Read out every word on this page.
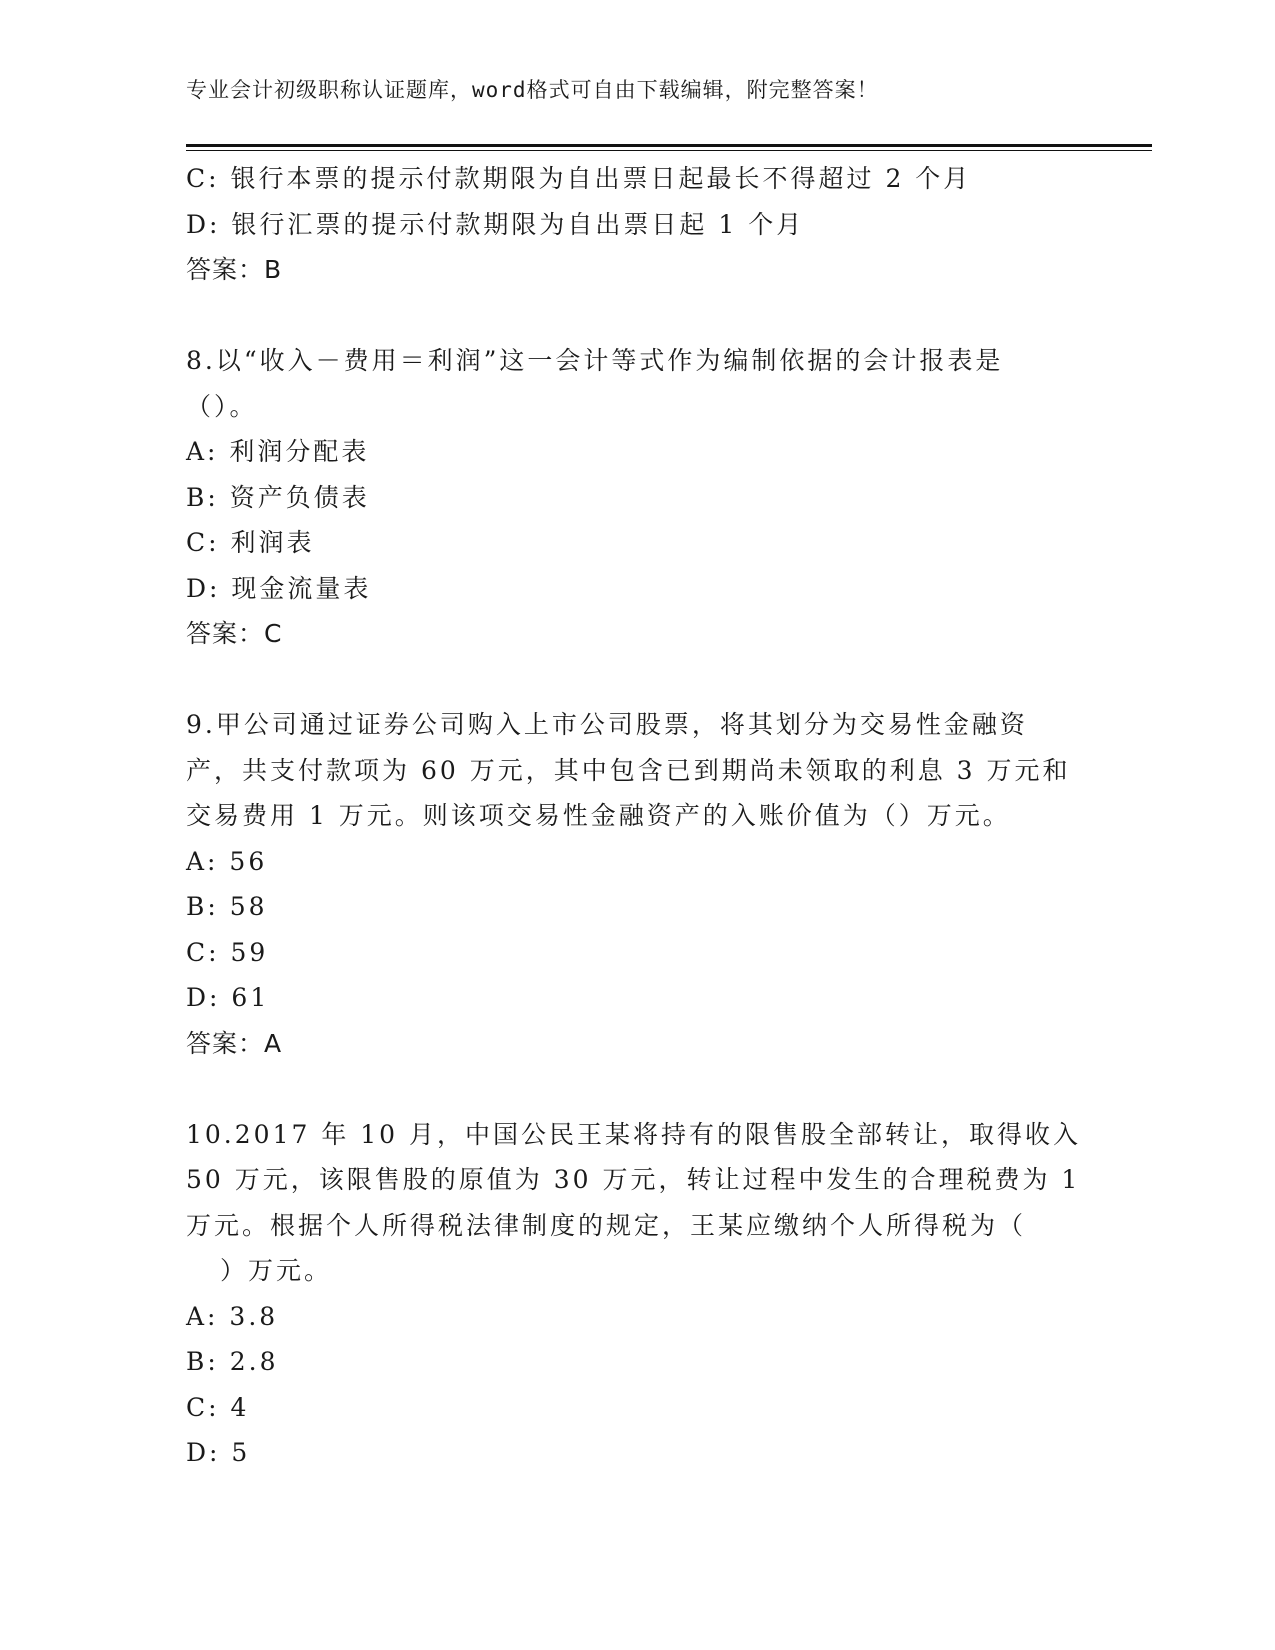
专业会计初级职称认证题库，word格式可自由下载编辑，附完整答案！
C: 银行本票的提示付款期限为自出票日起最长不得超过 2 个月
D: 银行汇票的提示付款期限为自出票日起 1 个月
答案：B
8.以“收入－费用＝利润”这一会计等式作为编制依据的会计报表是
（）。
A: 利润分配表
B: 资产负债表
C: 利润表
D: 现金流量表
答案：C
9.甲公司通过证券公司购入上市公司股票，将其划分为交易性金融资
产，共支付款项为 60 万元，其中包含已到期尚未领取的利息 3 万元和
交易费用 1 万元。则该项交易性金融资产的入账价值为（）万元。
A: 56
B: 58
C: 59
D: 61
答案：A
10.2017 年 10 月，中国公民王某将持有的限售股全部转让，取得收入
50 万元，该限售股的原值为 30 万元，转让过程中发生的合理税费为 1
万元。根据个人所得税法律制度的规定，王某应缴纳个人所得税为（
）万元。
A: 3.8
B: 2.8
C: 4
D: 5
